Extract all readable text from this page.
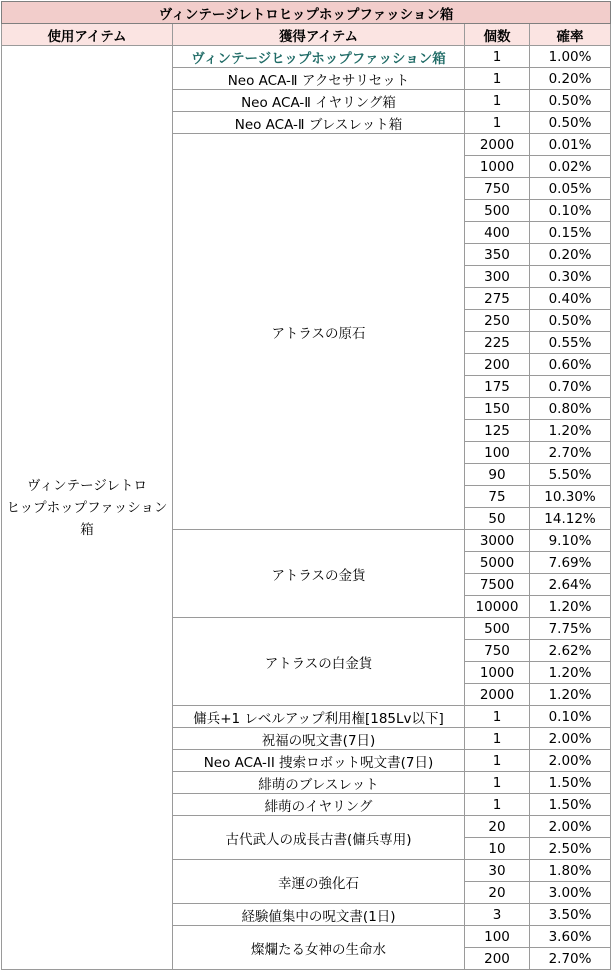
ヴィンテージレトロヒップホップファッション箱			
使用アイテム	獲得アイテム	個数	確率

ヴィンテージレトロ
ヒップホップファッション箱	ヴィンテージヒップホップファッション箱	1	1.00%
	Neo ACA-Ⅱ アクセサリセット	1	0.20%
	Neo ACA-Ⅱ イヤリング箱	1	0.50%
	Neo ACA-Ⅱ ブレスレット箱	1	0.50%
	アトラスの原石	2000	0.01%
		1000	0.02%
		750	0.05%
		500	0.10%
		400	0.15%
		350	0.20%
		300	0.30%
		275	0.40%
		250	0.50%
		225	0.55%
		200	0.60%
		175	0.70%
		150	0.80%
		125	1.20%
		100	2.70%
		90	5.50%
		75	10.30%
		50	14.12%
	アトラスの金貨	3000	9.10%
		5000	7.69%
		7500	2.64%
		10000	1.20%
	アトラスの白金貨	500	7.75%
		750	2.62%
		1000	1.20%
		2000	1.20%
	傭兵+1 レベルアップ利用権[185Lv以下]	1	0.10%
	祝福の呪文書(7日)	1	2.00%
	Neo ACA-II 捜索ロボット呪文書(7日)	1	2.00%
	緋萌のブレスレット	1	1.50%
	緋萌のイヤリング	1	1.50%
	古代武人の成長古書(傭兵専用)	20	2.00%
		10	2.50%
	幸運の強化石	30	1.80%
		20	3.00%
	経験値集中の呪文書(1日)	3	3.50%
	燦爛たる女神の生命水	100	3.60%
		200	2.70%
